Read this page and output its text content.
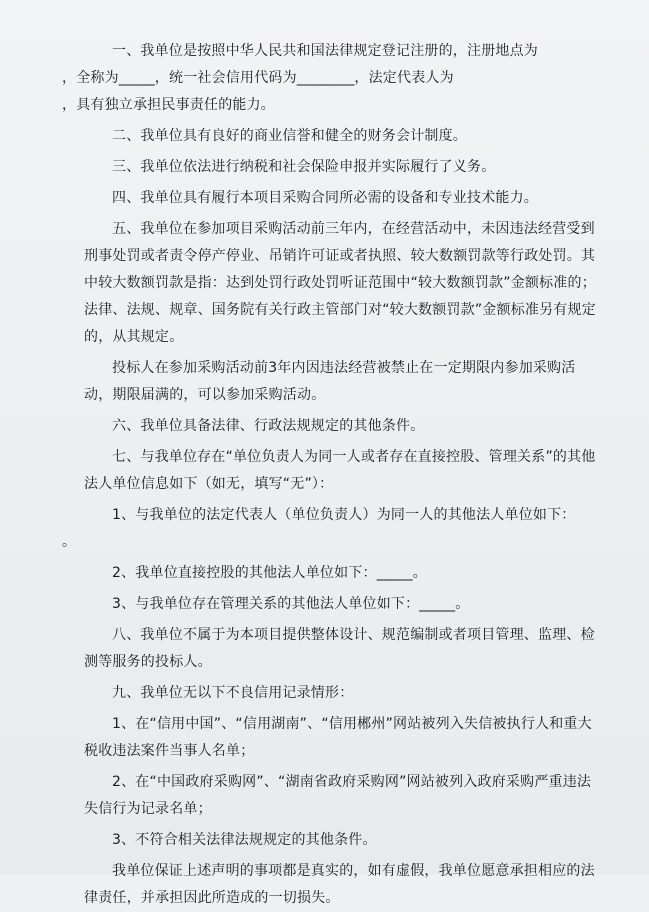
一、我单位是按照中华人民共和国法律规定登记注册的，注册地点为

，全称为_____，统一社会信用代码为________，法定代表人为

，具有独立承担民事责任的能力。

二、我单位具有良好的商业信誉和健全的财务会计制度。

三、我单位依法进行纳税和社会保险申报并实际履行了义务。

四、我单位具有履行本项目采购合同所必需的设备和专业技术能力。

五、我单位在参加项目采购活动前三年内，在经营活动中，未因违法经营受到刑事处罚或者责令停产停业、吊销许可证或者执照、较大数额罚款等行政处罚。其中较大数额罚款是指：达到处罚行政处罚听证范围中“较大数额罚款”金额标准的；法律、法规、规章、国务院有关行政主管部门对“较大数额罚款”金额标准另有规定的，从其规定。

投标人在参加采购活动前3年内因违法经营被禁止在一定期限内参加采购活动，期限届满的，可以参加采购活动。

六、我单位具备法律、行政法规规定的其他条件。

七、与我单位存在“单位负责人为同一人或者存在直接控股、管理关系”的其他法人单位信息如下（如无，填写“无”）：

1、与我单位的法定代表人（单位负责人）为同一人的其他法人单位如下：

。

2、我单位直接控股的其他法人单位如下：_____。

3、与我单位存在管理关系的其他法人单位如下：_____。

八、我单位不属于为本项目提供整体设计、规范编制或者项目管理、监理、检测等服务的投标人。

九、我单位无以下不良信用记录情形：

1、在“信用中国”、“信用湖南”、“信用郴州”网站被列入失信被执行人和重大税收违法案件当事人名单；

2、在“中国政府采购网”、“湖南省政府采购网”网站被列入政府采购严重违法失信行为记录名单；

3、不符合相关法律法规规定的其他条件。

我单位保证上述声明的事项都是真实的，如有虚假，我单位愿意承担相应的法律责任，并承担因此所造成的一切损失。
